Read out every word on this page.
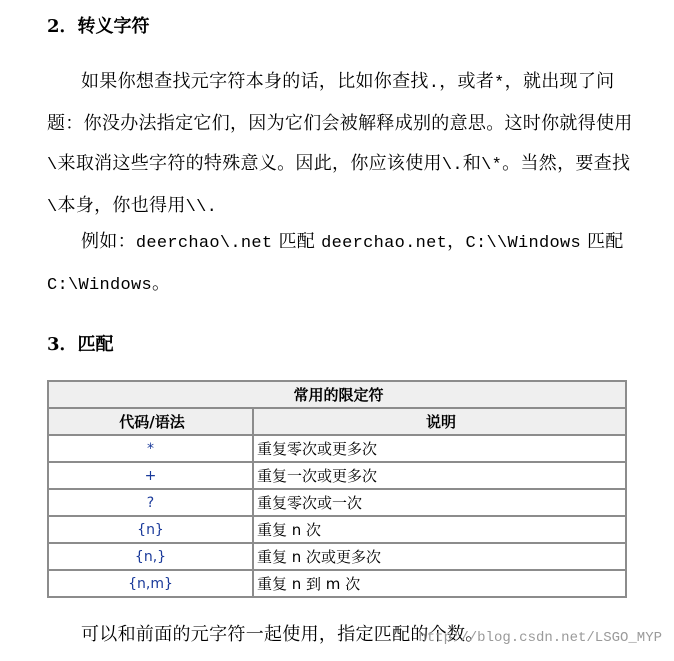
2．转义字符

如果你想查找元字符本身的话，比如你查找.，或者*，就出现了问题：你没办法指定它们，因为它们会被解释成别的意思。这时你就得使用\来取消这些字符的特殊意义。因此，你应该使用\.和\*。当然，要查找\本身，你也得用\\.

例如：deerchao\.net 匹配 deerchao.net，C:\\Windows 匹配 C:\Windows。

3．匹配
常用的限定符	
代码/语法	说明
*	重复零次或更多次
+	重复一次或更多次
?	重复零次或一次
{n}	重复 n 次
{n,}	重复 n 次或更多次
{n,m}	重复 n 到 m 次

可以和前面的元字符一起使用，指定匹配的个数。

http://blog.csdn.net/LSGO_MYP
